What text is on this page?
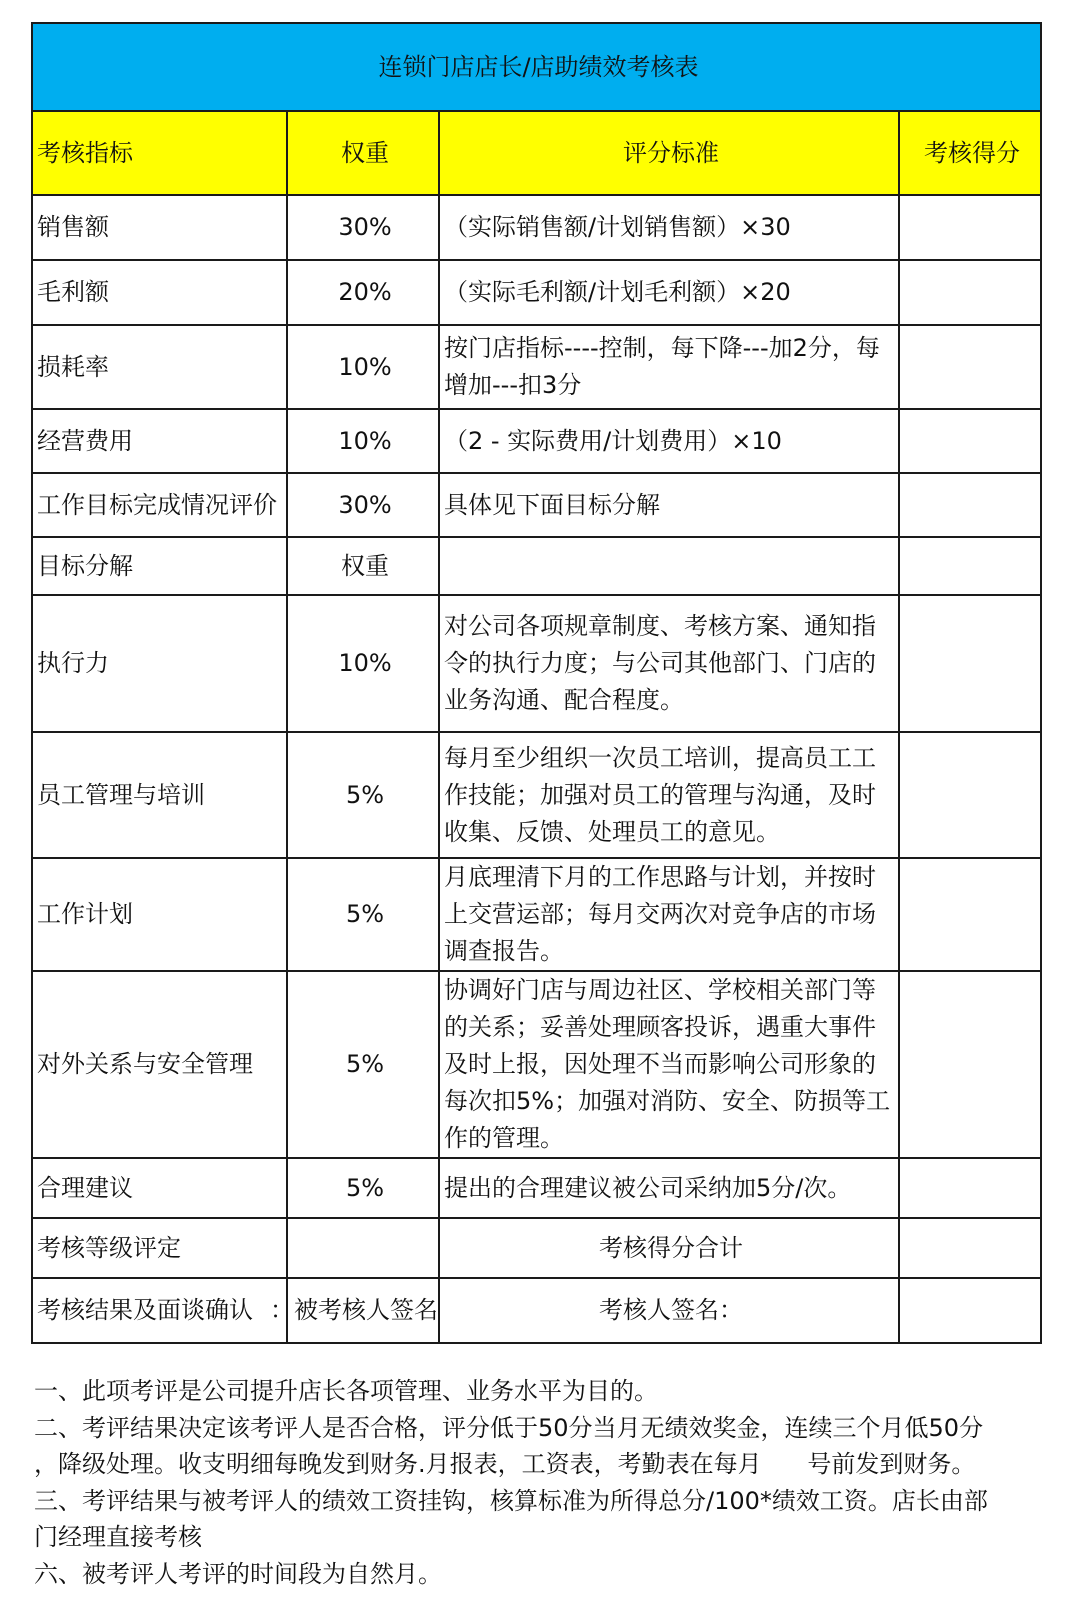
连锁门店店长/店助绩效考核表			
考核指标	权重	评分标准	考核得分
销售额	30%	（实际销售额/计划销售额）×30	
毛利额	20%	（实际毛利额/计划毛利额）×20	
损耗率	10%	按门店指标----控制，每下降---加2分，每增加---扣3分	
经营费用	10%	（2 - 实际费用/计划费用）×10	
工作目标完成情况评价	30%	具体见下面目标分解	
目标分解	权重		
执行力	10%	对公司各项规章制度、考核方案、通知指令的执行力度；与公司其他部门、门店的业务沟通、配合程度。	
员工管理与培训	5%	每月至少组织一次员工培训，提高员工工作技能；加强对员工的管理与沟通，及时收集、反馈、处理员工的意见。	
工作计划	5%	月底理清下月的工作思路与计划，并按时上交营运部；每月交两次对竞争店的市场调查报告。	
对外关系与安全管理	5%	协调好门店与周边社区、学校相关部门等的关系；妥善处理顾客投诉，遇重大事件及时上报，因处理不当而影响公司形象的每次扣5%；加强对消防、安全、防损等工作的管理。	
合理建议	5%	提出的合理建议被公司采纳加5分/次。	
考核等级评定		考核得分合计	
考核结果及面谈确认	被考核人签名：	考核人签名：	
一、此项考评是公司提升店长各项管理、业务水平为目的。
二、考评结果决定该考评人是否合格，评分低于50分当月无绩效奖金，连续三个月低50分
，降级处理。收支明细每晚发到财务.月报表，工资表，考勤表在每月      号前发到财务。
三、考评结果与被考评人的绩效工资挂钩，核算标准为所得总分/100*绩效工资。店长由部
门经理直接考核
六、被考评人考评的时间段为自然月。
